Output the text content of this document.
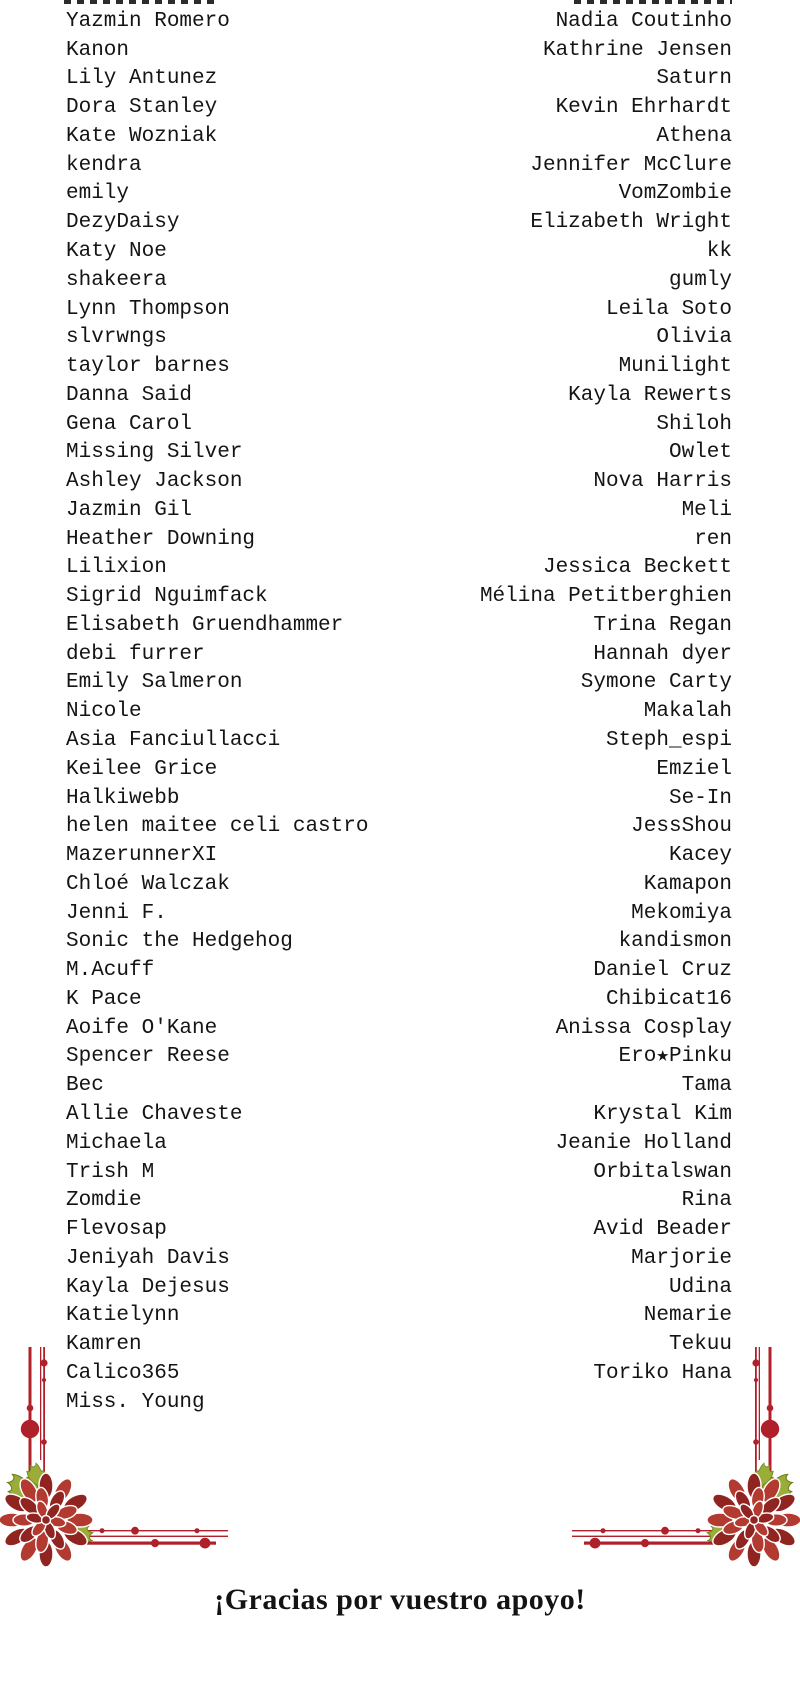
Yazmin Romero	Nadia Coutinho
Kanon	Kathrine Jensen
Lily Antunez	Saturn
Dora Stanley	Kevin Ehrhardt
Kate Wozniak	Athena
kendra	Jennifer McClure
emily	VomZombie
DezyDaisy	Elizabeth Wright
Katy Noe	kk
shakeera	gumly
Lynn Thompson	Leila Soto
slvrwngs	Olivia
taylor barnes	Munilight
Danna Said	Kayla Rewerts
Gena Carol	Shiloh
Missing Silver	Owlet
Ashley Jackson	Nova Harris
Jazmin Gil	Meli
Heather Downing	ren
Lilixion	Jessica Beckett
Sigrid Nguimfack	Mélina Petitberghien
Elisabeth Gruendhammer	Trina Regan
debi furrer	Hannah dyer
Emily Salmeron	Symone Carty
Nicole	Makalah
Asia Fanciullacci	Steph_espi
Keilee Grice	Emziel
Halkiwebb	Se-In
helen maitee celi castro	JessShou
MazerunnerXI	Kacey
Chloé Walczak	Kamapon
Jenni F.	Mekomiya
Sonic the Hedgehog	kandismon
M.Acuff	Daniel Cruz
K Pace	Chibicat16
Aoife O'Kane	Anissa Cosplay
Spencer Reese	Ero★Pinku
Bec	Tama
Allie Chaveste	Krystal Kim
Michaela	Jeanie Holland
Trish M	Orbitalswan
Zomdie	Rina
Flevosap	Avid Beader
Jeniyah Davis	Marjorie
Kayla Dejesus	Udina
Katielynn	Nemarie
Kamren	Tekuu
Calico365	Toriko Hana
Miss. Young
¡Gracias por vuestro apoyo!
